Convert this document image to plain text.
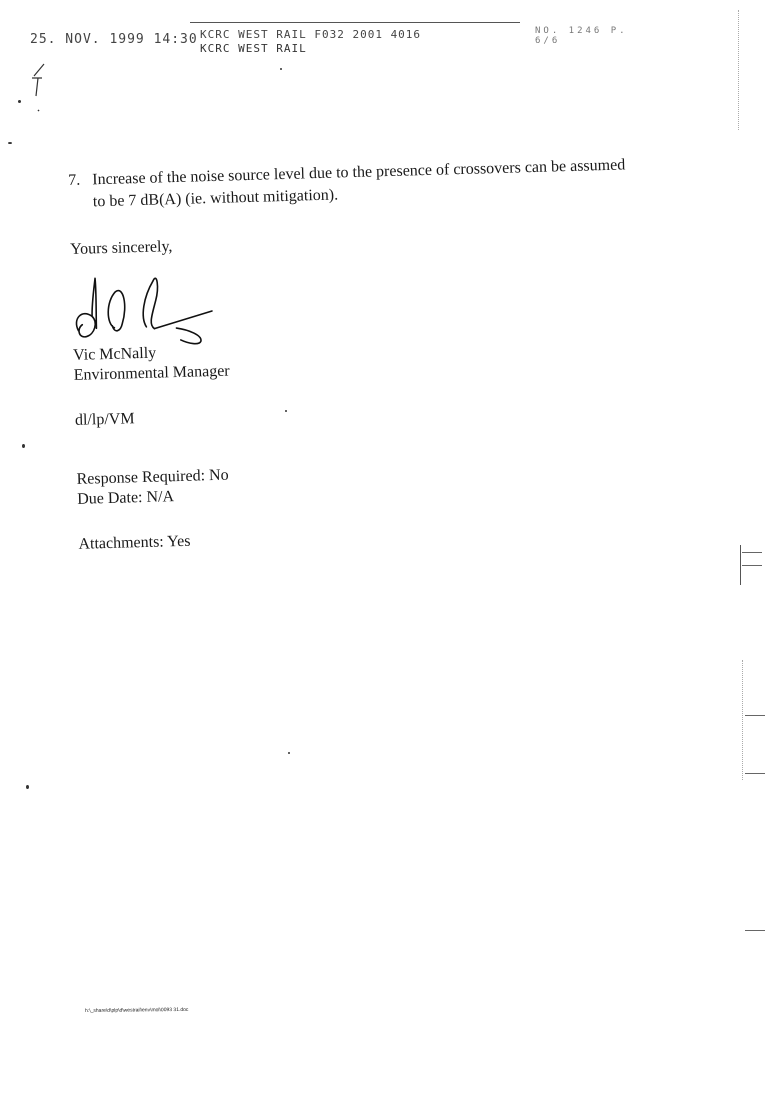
25. NOV. 1999 14:30 KCRC WEST RAIL F032 2001 4016
KCRC WEST RAIL
NO. 1246 P. 6/6
7. Increase of the noise source level due to the presence of crossovers can be assumed to be 7 dB(A) (ie. without mitigation).
Yours sincerely,
Vic McNally
Environmental Manager
dl/lp/VM
Response Required: No
Due Date: N/A
Attachments: Yes
h:\_share\d\plp\d\westrail\env\mol\0093 31.doc
